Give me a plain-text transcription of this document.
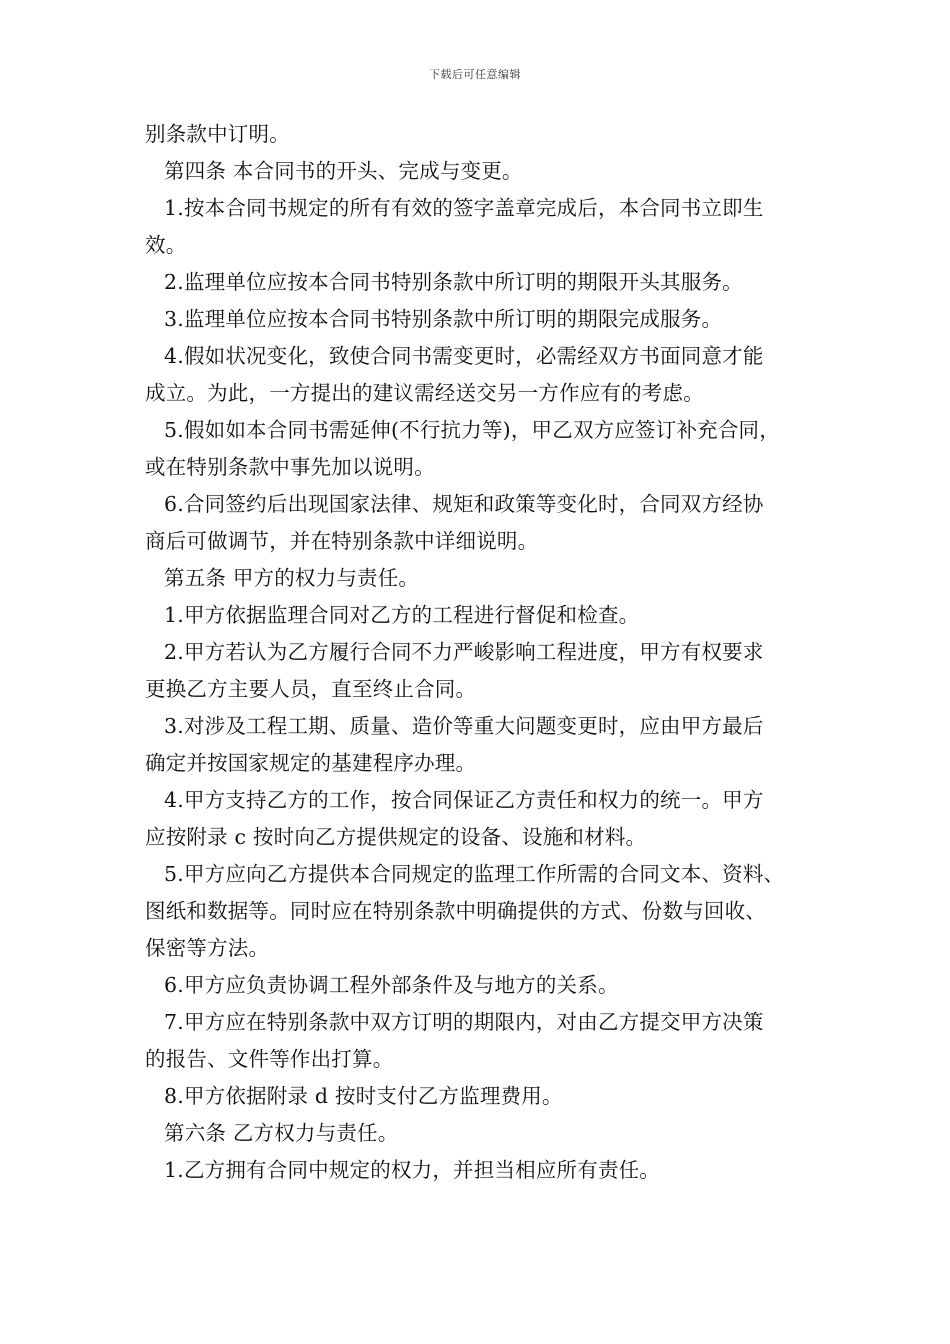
下载后可任意编辑

别条款中订明。

第四条 本合同书的开头、完成与变更。

1.按本合同书规定的所有有效的签字盖章完成后，本合同书立即生

效。

2.监理单位应按本合同书特别条款中所订明的期限开头其服务。

3.监理单位应按本合同书特别条款中所订明的期限完成服务。

4.假如状况变化，致使合同书需变更时，必需经双方书面同意才能

成立。为此，一方提出的建议需经送交另一方作应有的考虑。

5.假如如本合同书需延伸(不行抗力等)，甲乙双方应签订补充合同，

或在特别条款中事先加以说明。

6.合同签约后出现国家法律、规矩和政策等变化时，合同双方经协

商后可做调节，并在特别条款中详细说明。

第五条 甲方的权力与责任。

1.甲方依据监理合同对乙方的工程进行督促和检查。

2.甲方若认为乙方履行合同不力严峻影响工程进度，甲方有权要求

更换乙方主要人员，直至终止合同。

3.对涉及工程工期、质量、造价等重大问题变更时，应由甲方最后

确定并按国家规定的基建程序办理。

4.甲方支持乙方的工作，按合同保证乙方责任和权力的统一。甲方

应按附录 c 按时向乙方提供规定的设备、设施和材料。

5.甲方应向乙方提供本合同规定的监理工作所需的合同文本、资料、

图纸和数据等。同时应在特别条款中明确提供的方式、份数与回收、

保密等方法。

6.甲方应负责协调工程外部条件及与地方的关系。

7.甲方应在特别条款中双方订明的期限内，对由乙方提交甲方决策

的报告、文件等作出打算。

8.甲方依据附录 d 按时支付乙方监理费用。

第六条 乙方权力与责任。

1.乙方拥有合同中规定的权力，并担当相应所有责任。
